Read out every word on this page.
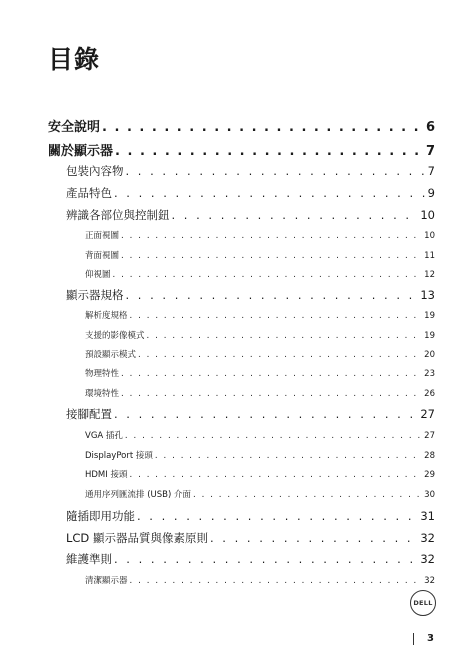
目錄
安全說明 . . .	6
關於顯示器 . . .	7
包裝內容物 . . .	7
產品特色 . . .	9
辨識各部位與控制鈕 . . .	10
正面視圖 . . .	10
背面視圖 . . .	11
仰視圖 . . .	12
顯示器規格 . . .	13
解析度規格 . . .	19
支援的影像模式 . . .	19
預設顯示模式 . . .	20
物理特性 . . .	23
環境特性 . . .	26
接腳配置 . . .	27
VGA 插孔 . . .	27
DisplayPort 接頭 . . .	28
HDMI 接頭 . . .	29
通用序列匯流排 (USB) 介面 . . .	30
隨插即用功能 . . .	31
LCD 顯示器品質與像素原則 . . .	32
維護準則 . . .	32
清潔顯示器 . . .	32
DELL
3
